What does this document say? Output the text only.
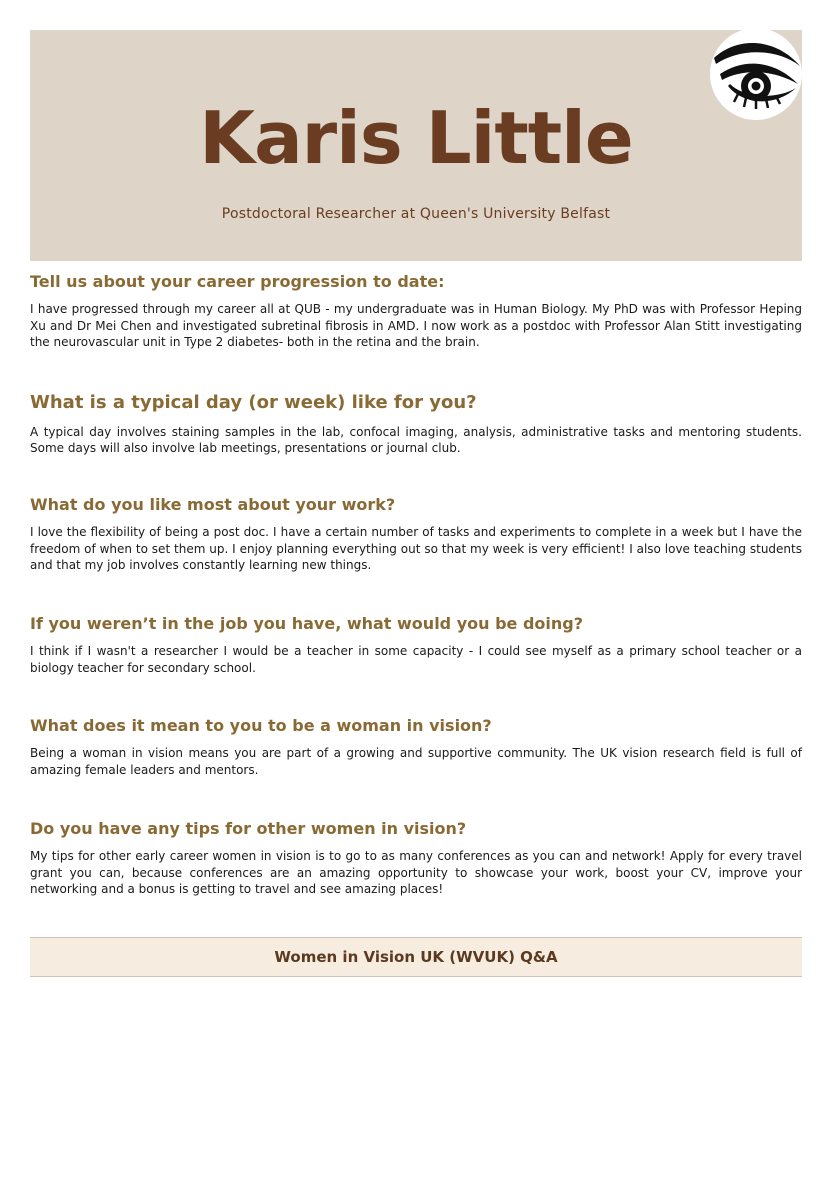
Karis Little
Postdoctoral Researcher at Queen's University Belfast
Tell us about your career progression to date:

I have progressed through my career all at QUB - my undergraduate was in Human Biology. My PhD was with Professor Heping Xu and Dr Mei Chen and investigated subretinal fibrosis in AMD. I now work as a postdoc with Professor Alan Stitt investigating the neurovascular unit in Type 2 diabetes- both in the retina and the brain.

What is a typical day (or week) like for you?

A typical day involves staining samples in the lab, confocal imaging, analysis, administrative tasks and mentoring students. Some days will also involve lab meetings, presentations or journal club.

What do you like most about your work?

I love the flexibility of being a post doc. I have a certain number of tasks and experiments to complete in a week but I have the freedom of when to set them up. I enjoy planning everything out so that my week is very efficient! I also love teaching students and that my job involves constantly learning new things.

If you weren’t in the job you have, what would you be doing?

I think if I wasn't a researcher I would be a teacher in some capacity - I could see myself as a primary school teacher or a biology teacher for secondary school.

What does it mean to you to be a woman in vision?

Being a woman in vision means you are part of a growing and supportive community. The UK vision research field is full of amazing female leaders and mentors.

Do you have any tips for other women in vision?

My tips for other early career women in vision is to go to as many conferences as you can and network! Apply for every travel grant you can, because conferences are an amazing opportunity to showcase your work, boost your CV, improve your networking and a bonus is getting to travel and see amazing places!

Women in Vision UK (WVUK) Q&A
